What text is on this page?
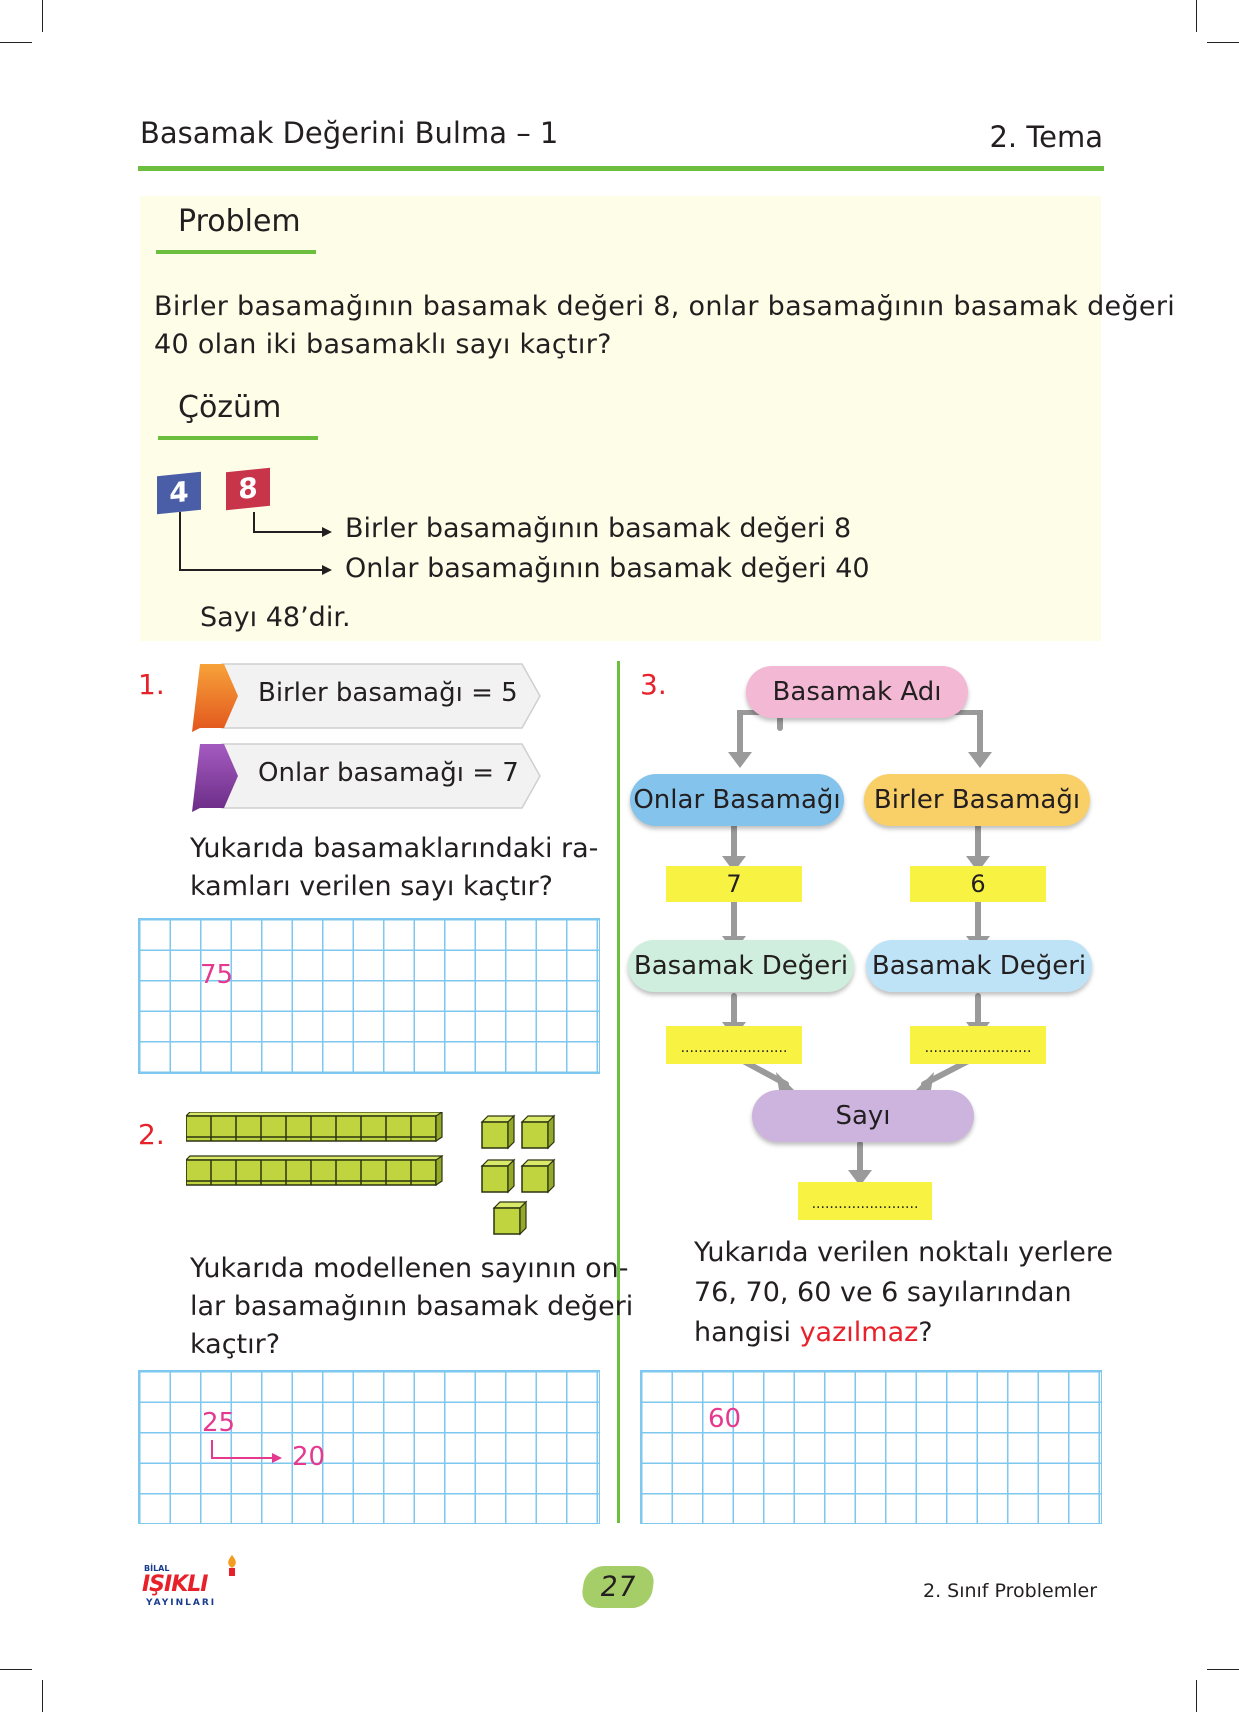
Basamak Değerini Bulma – 1	2. Tema
Problem
Birler basamağının basamak değeri 8, onlar basamağının basamak değeri
40 olan iki basamaklı sayı kaçtır?
Çözüm
4	8
Birler basamağının basamak değeri 8
Onlar basamağının basamak değeri 40
Sayı 48’dir.
1.	Birler basamağı = 5
Onlar basamağı = 7
Yukarıda basamaklarındaki ra-
kamları verilen sayı kaçtır?
75
2.
Yukarıda modellenen sayının on-
lar basamağının basamak değeri
kaçtır?
25
20
3.	Basamak Adı
Onlar Basamağı	Birler Basamağı
7	6
Basamak Değeri Basamak Değeri
........................	........................
Sayı
........................
Yukarıda verilen noktalı yerlere
76, 70, 60 ve 6 sayılarından
hangisi yazılmaz?
60
BİLAL
IŞIKLI
YAYINLARI	27	2. Sınıf Problemler
